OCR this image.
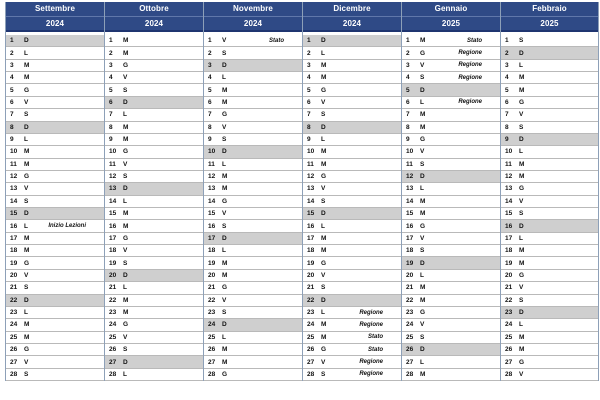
Settembre
2024
1	D
2	L
3	M
4	M
5	G
6	V
7	S
8	D
9	L
10	M
11	M
12	G
13	V
14	S
15	D
16	L	Inizio Lezioni
17	M
18	M
19	G
20	V
21	S
22	D
23	L
24	M
25	M
26	G
27	V
28	S
Ottobre
2024
1	M
2	M
3	G
4	V
5	S
6	D
7	L
8	M
9	M
10	G
11	V
12	S
13	D
14	L
15	M
16	M
17	G
18	V
19	S
20	D
21	L
22	M
23	M
24	G
25	V
26	S
27	D
28	L
Novembre
2024
1	V	Stato
2	S
3	D
4	L
5	M
6	M
7	G
8	V
9	S
10	D
11	L
12	M
13	M
14	G
15	V
16	S
17	D
18	L
19	M
20	M
21	G
22	V
23	S
24	D
25	L
26	M
27	M
28	G
Dicembre
2024
1	D
2	L
3	M
4	M
5	G
6	V
7	S
8	D
9	L
10	M
11	M
12	G
13	V
14	S
15	D
16	L
17	M
18	M
19	G
20	V
21	S
22	D
23	L	Regione
24	M	Regione
25	M	Stato
26	G	Stato
27	V	Regione
28	S	Regione
Gennaio
2025
1	M	Stato
2	G	Regione
3	V	Regione
4	S	Regione
5	D
6	L	Regione
7	M
8	M
9	G
10	V
11	S
12	D
13	L
14	M
15	M
16	G
17	V
18	S
19	D
20	L
21	M
22	M
23	G
24	V
25	S
26	D
27	L
28	M
Febbraio
2025
1	S
2	D
3	L
4	M
5	M
6	G
7	V
8	S
9	D
10	L
11	M
12	M
13	G
14	V
15	S
16	D
17	L
18	M
19	M
20	G
21	V
22	S
23	D
24	L
25	M
26	M
27	G
28	V
